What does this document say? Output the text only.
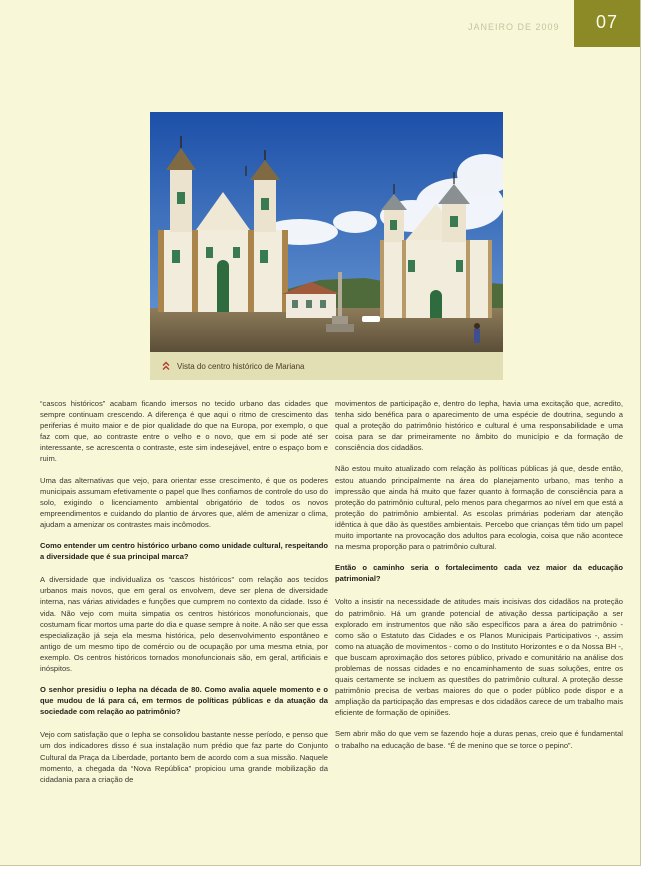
JANEIRO DE 2009	07
Vista do centro histórico de Mariana

“cascos históricos” acabam ficando imersos no tecido urbano das cidades que sempre continuam crescendo. A diferença é que aqui o ritmo de crescimento das periferias é muito maior e de pior qualidade do que na Europa, por exemplo, o que faz com que, ao contraste entre o velho e o novo, que em si pode até ser interessante, se acrescenta o contraste, este sim indesejável, entre o espaço bom e ruim.

Uma das alternativas que vejo, para orientar esse crescimento, é que os poderes municipais assumam efetivamente o papel que lhes confiamos de controle do uso do solo, exigindo o licenciamento ambiental obrigatório de todos os novos empreendimentos e cuidando do plantio de árvores que, além de amenizar o clima, ajudam a amenizar os contrastes mais incômodos.

Como entender um centro histórico urbano como unidade cultural, respeitando a diversidade que é sua principal marca?

A diversidade que individualiza os “cascos históricos” com relação aos tecidos urbanos mais novos, que em geral os envolvem, deve ser plena de diversidade interna, nas várias atividades e funções que cumprem no contexto da cidade. Isso é vida. Não vejo com muita simpatia os centros históricos monofuncionais, que costumam ficar mortos uma parte do dia e quase sempre à noite. A não ser que essa especialização já seja ela mesma histórica, pelo desenvolvimento espontâneo e antigo de um mesmo tipo de comércio ou de ocupação por uma mesma etnia, por exemplo. Os centros históricos tornados monofuncionais são, em geral, artificiais e inóspitos.

O senhor presidiu o Iepha na década de 80. Como avalia aquele momento e o que mudou de lá para cá, em termos de políticas públicas e da atuação da sociedade com relação ao patrimônio?

Vejo com satisfação que o Iepha se consolidou bastante nesse período, e penso que um dos indicadores disso é sua instalação num prédio que faz parte do Conjunto Cultural da Praça da Liberdade, portanto bem de acordo com a sua missão. Naquele momento, a chegada da “Nova República” propiciou uma grande mobilização da cidadania para a criação de

movimentos de participação e, dentro do Iepha, havia uma excitação que, acredito, tenha sido benéfica para o aparecimento de uma espécie de doutrina, segundo a qual a proteção do patrimônio histórico e cultural é uma responsabilidade e uma coisa para se dar primeiramente no âmbito do município e da formação de consciência dos cidadãos.

Não estou muito atualizado com relação às políticas públicas já que, desde então, estou atuando principalmente na área do planejamento urbano, mas tenho a impressão que ainda há muito que fazer quanto à formação de consciência para a proteção do patrimônio cultural, pelo menos para chegarmos ao nível em que está a proteção do patrimônio ambiental. As escolas primárias poderiam dar atenção idêntica à que dão às questões ambientais. Percebo que crianças têm tido um papel muito importante na provocação dos adultos para ecologia, coisa que não acontece na mesma proporção para o patrimônio cultural.

Então o caminho seria o fortalecimento cada vez maior da educação patrimonial?

Volto a insistir na necessidade de atitudes mais incisivas dos cidadãos na proteção do patrimônio. Há um grande potencial de ativação dessa participação a ser explorado em instrumentos que não são específicos para a área do patrimônio - como são o Estatuto das Cidades e os Planos Municipais Participativos -, assim como na atuação de movimentos - como o do Instituto Horizontes e o da Nossa BH -, que buscam aproximação dos setores público, privado e comunitário na análise dos problemas de nossas cidades e no encaminhamento de suas soluções, entre os quais certamente se incluem as questões do patrimônio cultural. A proteção desse patrimônio precisa de verbas maiores do que o poder público pode dispor e a ampliação da participação das empresas e dos cidadãos carece de um trabalho mais eficiente de formação de opiniões.

Sem abrir mão do que vem se fazendo hoje a duras penas, creio que é fundamental o trabalho na educação de base. “É de menino que se torce o pepino”.
